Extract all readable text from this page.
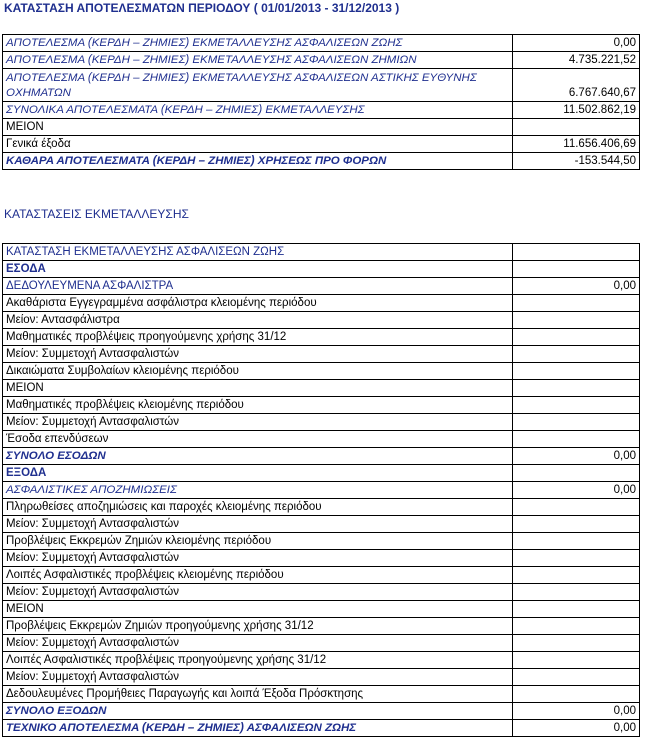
ΚΑΤΑΣΤΑΣΗ ΑΠΟΤΕΛΕΣΜΑΤΩΝ ΠΕΡΙΟΔΟΥ ( 01/01/2013 - 31/12/2013 )
ΑΠΟΤΕΛΕΣΜΑ (ΚΕΡΔΗ – ΖΗΜΙΕΣ) ΕΚΜΕΤΑΛΛΕΥΣΗΣ ΑΣΦΑΛΙΣΕΩΝ ΖΩΗΣ	0,00
ΑΠΟΤΕΛΕΣΜΑ (ΚΕΡΔΗ – ΖΗΜΙΕΣ) ΕΚΜΕΤΑΛΛΕΥΣΗΣ ΑΣΦΑΛΙΣΕΩΝ ΖΗΜΙΩΝ	4.735.221,52
ΑΠΟΤΕΛΕΣΜΑ (ΚΕΡΔΗ – ΖΗΜΙΕΣ) ΕΚΜΕΤΑΛΛΕΥΣΗΣ ΑΣΦΑΛΙΣΕΩΝ ΑΣΤΙΚΗΣ ΕΥΘΥΝΗΣ ΟΧΗΜΑΤΩΝ	6.767.640,67
ΣΥΝΟΛΙΚΑ ΑΠΟΤΕΛΕΣΜΑΤΑ (ΚΕΡΔΗ – ΖΗΜΙΕΣ) ΕΚΜΕΤΑΛΛΕΥΣΗΣ	11.502.862,19
ΜΕΙΟΝ	
Γενικά έξοδα	11.656.406,69
ΚΑΘΑΡΑ ΑΠΟΤΕΛΕΣΜΑΤΑ (ΚΕΡΔΗ – ΖΗΜΙΕΣ) ΧΡΗΣΕΩΣ ΠΡΟ ΦΟΡΩΝ	-153.544,50
ΚΑΤΑΣΤΑΣΕΙΣ ΕΚΜΕΤΑΛΛΕΥΣΗΣ
ΚΑΤΑΣΤΑΣΗ ΕΚΜΕΤΑΛΛΕΥΣΗΣ ΑΣΦΑΛΙΣΕΩΝ ΖΩΗΣ	
ΕΣΟΔΑ	
ΔΕΔΟΥΛΕΥΜΕΝΑ ΑΣΦΑΛΙΣΤΡΑ	0,00
Ακαθάριστα Εγγεγραμμένα ασφάλιστρα κλειομένης περιόδου	
Μείον: Αντασφάλιστρα	
Μαθηματικές προβλέψεις προηγούμενης χρήσης 31/12	
Μείον: Συμμετοχή Αντασφαλιστών	
Δικαιώματα Συμβολαίων κλειομένης περιόδου	
ΜΕΙΟΝ	
Μαθηματικές προβλέψεις κλειομένης περιόδου	
Μείον: Συμμετοχή Αντασφαλιστών	
Έσοδα επενδύσεων	
ΣΥΝΟΛΟ ΕΣΟΔΩΝ	0,00
ΕΞΟΔΑ	
ΑΣΦΑΛΙΣΤΙΚΕΣ ΑΠΟΖΗΜΙΩΣΕΙΣ	0,00
Πληρωθείσες αποζημιώσεις και παροχές κλειομένης περιόδου	
Μείον: Συμμετοχή Αντασφαλιστών	
Προβλέψεις Εκκρεμών Ζημιών κλειομένης περιόδου	
Μείον: Συμμετοχή Αντασφαλιστών	
Λοιπές Ασφαλιστικές προβλέψεις κλειομένης περιόδου	
Μείον: Συμμετοχή Αντασφαλιστών	
ΜΕΙΟΝ	
Προβλέψεις Εκκρεμών Ζημιών προηγούμενης χρήσης 31/12	
Μείον: Συμμετοχή Αντασφαλιστών	
Λοιπές Ασφαλιστικές προβλέψεις προηγούμενης χρήσης 31/12	
Μείον: Συμμετοχή Αντασφαλιστών	
Δεδουλευμένες Προμήθειες Παραγωγής και λοιπά Έξοδα Πρόσκτησης	
ΣΥΝΟΛΟ ΕΞΟΔΩΝ	0,00
ΤΕΧΝΙΚΟ ΑΠΟΤΕΛΕΣΜΑ (ΚΕΡΔΗ – ΖΗΜΙΕΣ) ΑΣΦΑΛΙΣΕΩΝ ΖΩΗΣ	0,00
